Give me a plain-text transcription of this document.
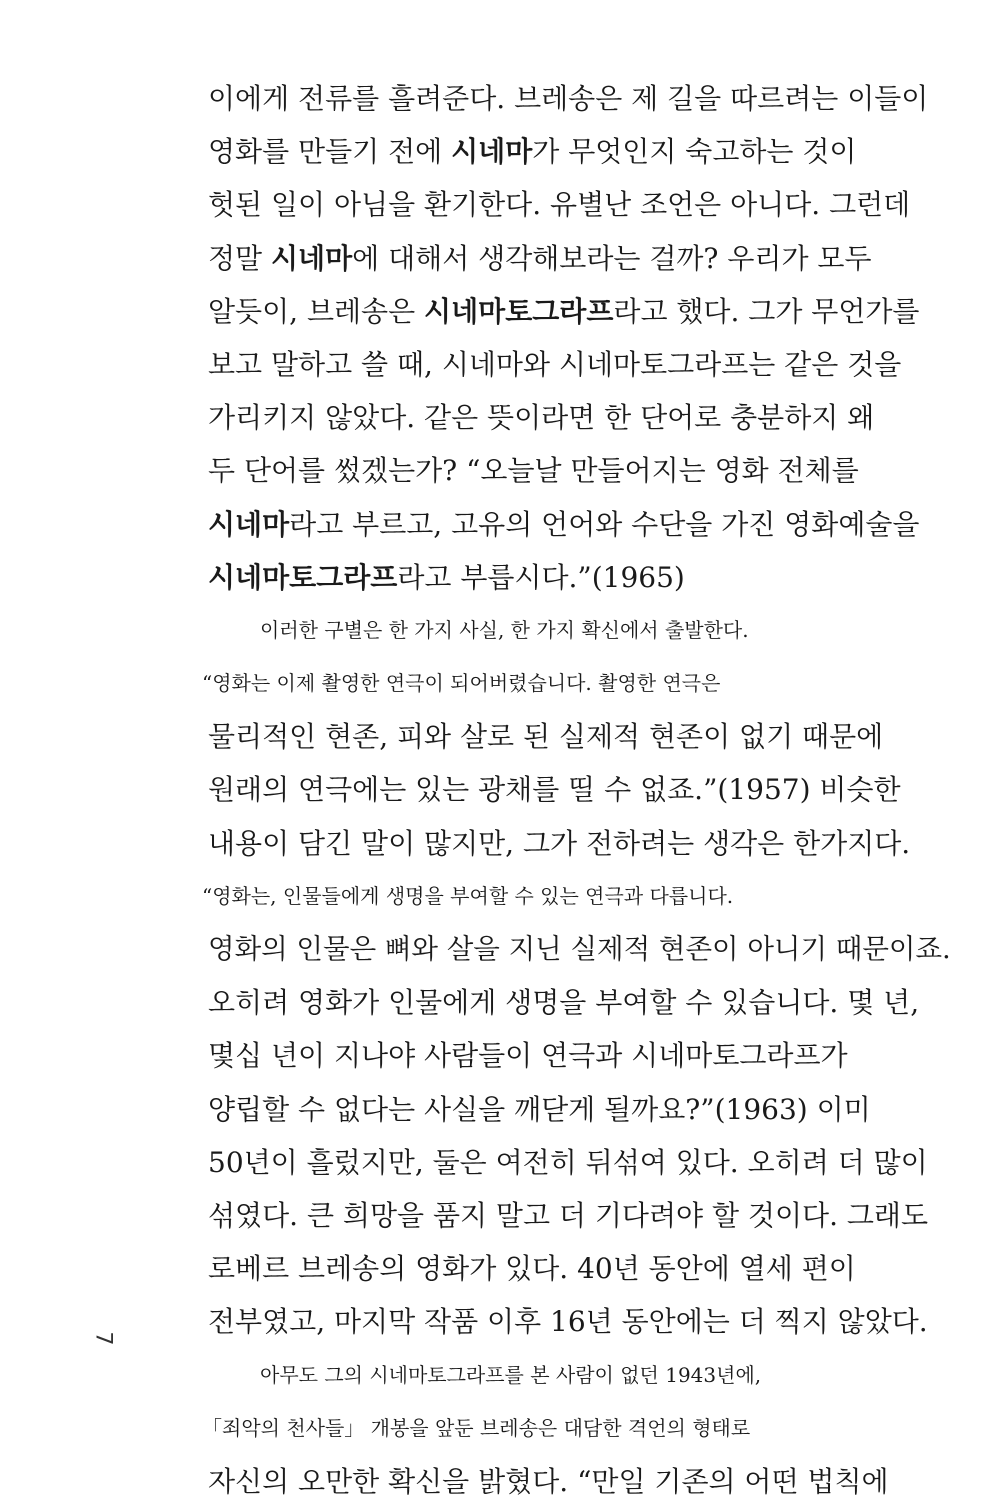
이에게 전류를 흘려준다. 브레송은 제 길을 따르려는 이들이
영화를 만들기 전에 시네마가 무엇인지 숙고하는 것이
헛된 일이 아님을 환기한다. 유별난 조언은 아니다. 그런데
정말 시네마에 대해서 생각해보라는 걸까? 우리가 모두
알듯이, 브레송은 시네마토그라프라고 했다. 그가 무언가를
보고 말하고 쓸 때, 시네마와 시네마토그라프는 같은 것을
가리키지 않았다. 같은 뜻이라면 한 단어로 충분하지 왜
두 단어를 썼겠는가? “오늘날 만들어지는 영화 전체를
시네마라고 부르고, 고유의 언어와 수단을 가진 영화예술을
시네마토그라프라고 부릅시다.”(1965)
이러한 구별은 한 가지 사실, 한 가지 확신에서 출발한다.
“영화는 이제 촬영한 연극이 되어버렸습니다. 촬영한 연극은
물리적인 현존, 피와 살로 된 실제적 현존이 없기 때문에
원래의 연극에는 있는 광채를 띨 수 없죠.”(1957) 비슷한
내용이 담긴 말이 많지만, 그가 전하려는 생각은 한가지다.
“영화는, 인물들에게 생명을 부여할 수 있는 연극과 다릅니다.
영화의 인물은 뼈와 살을 지닌 실제적 현존이 아니기 때문이죠.
오히려 영화가 인물에게 생명을 부여할 수 있습니다. 몇 년,
몇십 년이 지나야 사람들이 연극과 시네마토그라프가
양립할 수 없다는 사실을 깨닫게 될까요?”(1963) 이미
50년이 흘렀지만, 둘은 여전히 뒤섞여 있다. 오히려 더 많이
섞였다. 큰 희망을 품지 말고 더 기다려야 할 것이다. 그래도
로베르 브레송의 영화가 있다. 40년 동안에 열세 편이
전부였고, 마지막 작품 이후 16년 동안에는 더 찍지 않았다.
아무도 그의 시네마토그라프를 본 사람이 없던 1943년에,
「죄악의 천사들」 개봉을 앞둔 브레송은 대담한 격언의 형태로
자신의 오만한 확신을 밝혔다. “만일 기존의 어떤 법칙에
7
